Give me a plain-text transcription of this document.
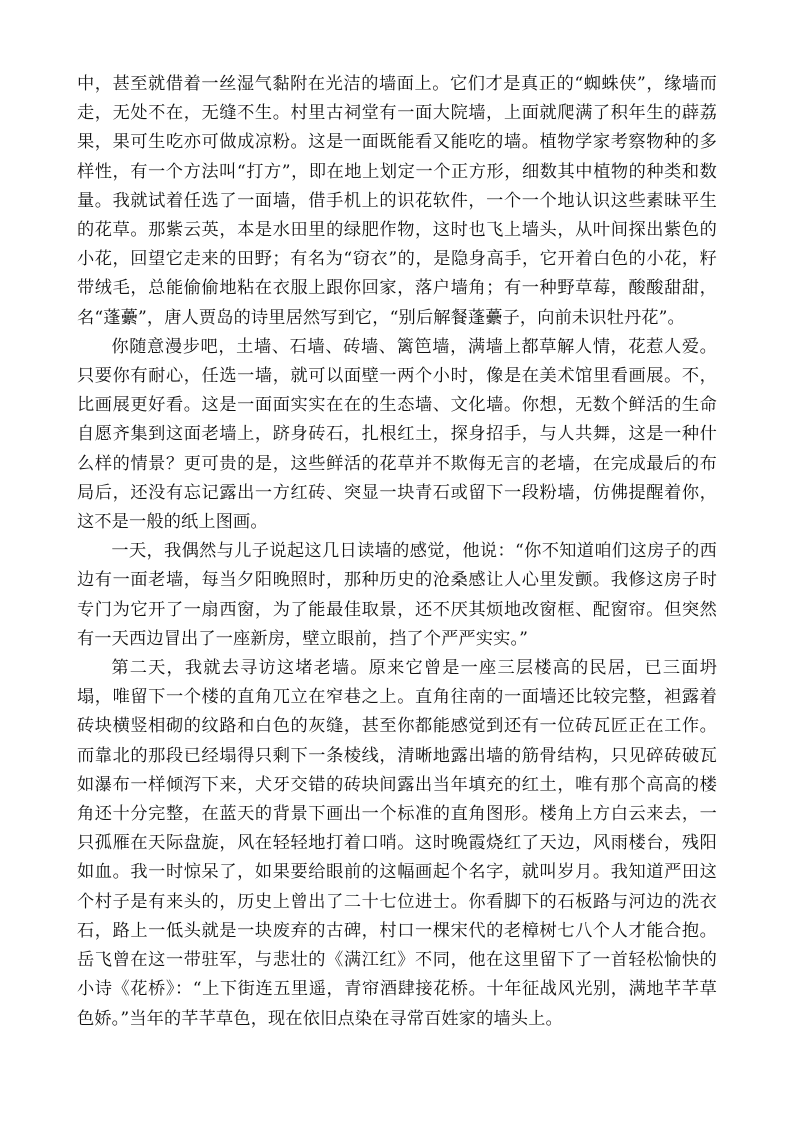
中，甚至就借着一丝湿气黏附在光洁的墙面上。它们才是真正的“蜘蛛侠”，缘墙而走，无处不在，无缝不生。村里古祠堂有一面大院墙，上面就爬满了积年生的薜荔果，果可生吃亦可做成凉粉。这是一面既能看又能吃的墙。植物学家考察物种的多样性，有一个方法叫“打方”，即在地上划定一个正方形，细数其中植物的种类和数量。我就试着任选了一面墙，借手机上的识花软件，一个一个地认识这些素昧平生的花草。那紫云英，本是水田里的绿肥作物，这时也飞上墙头，从叶间探出紫色的小花，回望它走来的田野；有名为“窃衣”的，是隐身高手，它开着白色的小花，籽带绒毛，总能偷偷地粘在衣服上跟你回家，落户墙角；有一种野草莓，酸酸甜甜，名“蓬虆”，唐人贾岛的诗里居然写到它，“别后解餐蓬虆子，向前未识牡丹花”。

你随意漫步吧，土墙、石墙、砖墙、篱笆墙，满墙上都草解人情，花惹人爱。只要你有耐心，任选一墙，就可以面壁一两个小时，像是在美术馆里看画展。不，比画展更好看。这是一面面实实在在的生态墙、文化墙。你想，无数个鲜活的生命自愿齐集到这面老墙上，跻身砖石，扎根红土，探身招手，与人共舞，这是一种什么样的情景？更可贵的是，这些鲜活的花草并不欺侮无言的老墙，在完成最后的布局后，还没有忘记露出一方红砖、突显一块青石或留下一段粉墙，仿佛提醒着你，这不是一般的纸上图画。

一天，我偶然与儿子说起这几日读墙的感觉，他说：“你不知道咱们这房子的西边有一面老墙，每当夕阳晚照时，那种历史的沧桑感让人心里发颤。我修这房子时专门为它开了一扇西窗，为了能最佳取景，还不厌其烦地改窗框、配窗帘。但突然有一天西边冒出了一座新房，壁立眼前，挡了个严严实实。”

第二天，我就去寻访这堵老墙。原来它曾是一座三层楼高的民居，已三面坍塌，唯留下一个楼的直角兀立在窄巷之上。直角往南的一面墙还比较完整，袒露着砖块横竖相砌的纹路和白色的灰缝，甚至你都能感觉到还有一位砖瓦匠正在工作。而靠北的那段已经塌得只剩下一条棱线，清晰地露出墙的筋骨结构，只见碎砖破瓦如瀑布一样倾泻下来，犬牙交错的砖块间露出当年填充的红土，唯有那个高高的楼角还十分完整，在蓝天的背景下画出一个标准的直角图形。楼角上方白云来去，一只孤雁在天际盘旋，风在轻轻地打着口哨。这时晚霞烧红了天边，风雨楼台，残阳如血。我一时惊呆了，如果要给眼前的这幅画起个名字，就叫岁月。我知道严田这个村子是有来头的，历史上曾出了二十七位进士。你看脚下的石板路与河边的洗衣石，路上一低头就是一块废弃的古碑，村口一棵宋代的老樟树七八个人才能合抱。岳飞曾在这一带驻军，与悲壮的《满江红》不同，他在这里留下了一首轻松愉快的小诗《花桥》：“上下街连五里遥，青帘酒肆接花桥。十年征战风光别，满地芊芊草色娇。”当年的芊芊草色，现在依旧点染在寻常百姓家的墙头上。
